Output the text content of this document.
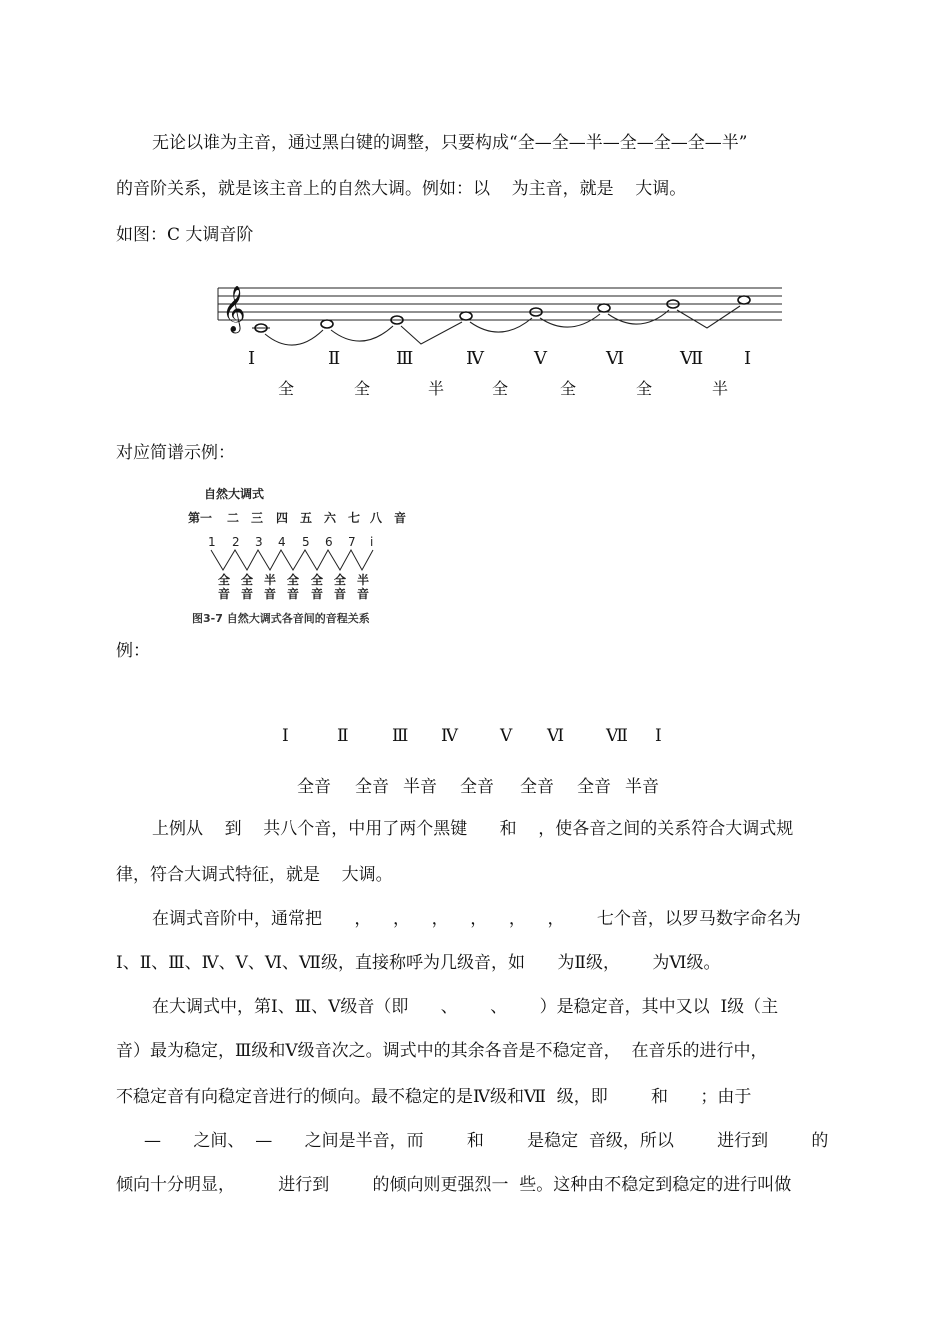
无论以谁为主音，通过黑白键的调整，只要构成“全—全—半—全—全—全—半”
的音阶关系，就是该主音上的自然大调。例如：以    为主音，就是    大调。
如图：C 大调音阶
𝄞
Ⅰ	Ⅱ	Ⅲ	Ⅳ	Ⅴ	Ⅵ	Ⅶ Ⅰ
全	全	半	全	全	全	半
对应简谱示例：
自然大调式
第一 二 三 四 五 六 七 八 音
1 2 3 4 5 6 7 i
全
音
全
音
半
音
全
音
全
音
全
音
半
音
图3-7 自然大调式各音间的音程关系
例：
Ⅰ	Ⅱ	Ⅲ Ⅳ Ⅴ Ⅵ Ⅶ Ⅰ
全音 全音 半音 全音 全音 全音 半音
上例从    到    共八个音，中用了两个黑键      和    ，使各音之间的关系符合大调式规
律，符合大调式特征，就是    大调。
在调式音阶中，通常把      ，    ，    ，    ，    ，    ，      七个音，以罗马数字命名为
Ⅰ、Ⅱ、Ⅲ、Ⅳ、Ⅴ、Ⅵ、Ⅶ级，直接称呼为几级音，如      为Ⅱ级，      为Ⅵ级。
在大调式中，第Ⅰ、Ⅲ、Ⅴ级音（即      、      、      ）是稳定音，其中又以  Ⅰ级（主
音）最为稳定，Ⅲ级和Ⅴ级音次之。调式中的其余各音是不稳定音，  在音乐的进行中，
不稳定音有向稳定音进行的倾向。最不稳定的是Ⅳ级和Ⅶ  级，即        和      ；由于
—      之间、  —      之间是半音，而        和        是稳定  音级，所以        进行到        的
倾向十分明显，        进行到        的倾向则更强烈一  些。这种由不稳定到稳定的进行叫做
